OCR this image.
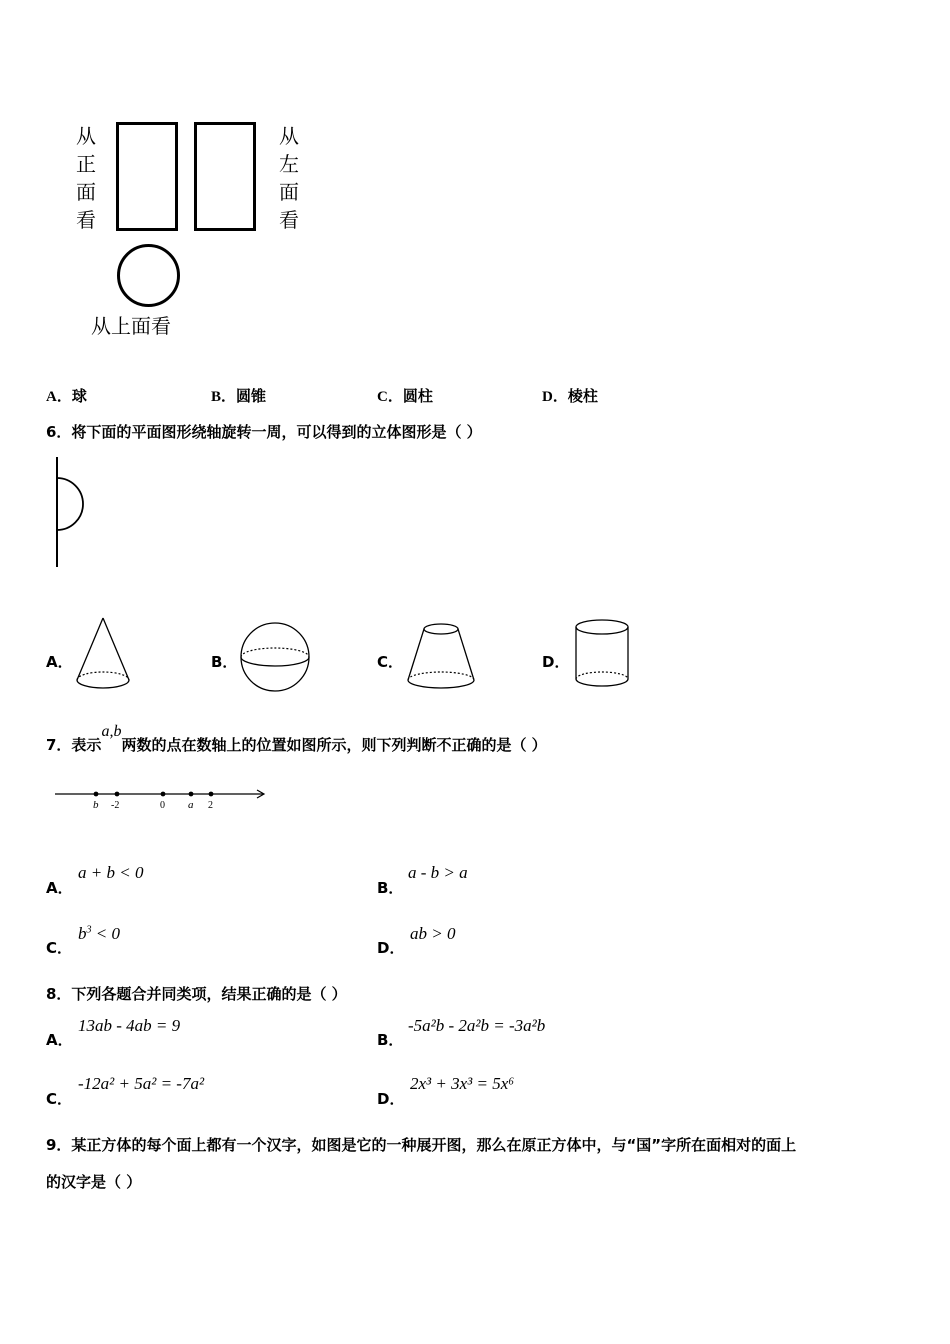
从
正
面
看
从
左
面
看
从上面看
A．球	B．圆锥	C．圆柱	D．棱柱
6．将下面的平面图形绕轴旋转一周，可以得到的立体图形是（ ）
A．	B．	C．	D．
7．表示a,b两数的点在数轴上的位置如图所示，则下列判断不正确的是（ ）
b -2	0 a 2
A．
a + b < 0
B．
a - b > a
C．
$b^3 < 0$
D．
ab > 0
8．下列各题合并同类项，结果正确的是（ ）
A．
13ab - 4ab = 9
B．
-5a²b - 2a²b = -3a²b
C．
-12a² + 5a² = -7a²
D．
2x³ + 3x³ = 5x⁶
9．某正方体的每个面上都有一个汉字，如图是它的一种展开图，那么在原正方体中，与“国”字所在面相对的面上
的汉字是（ ）
